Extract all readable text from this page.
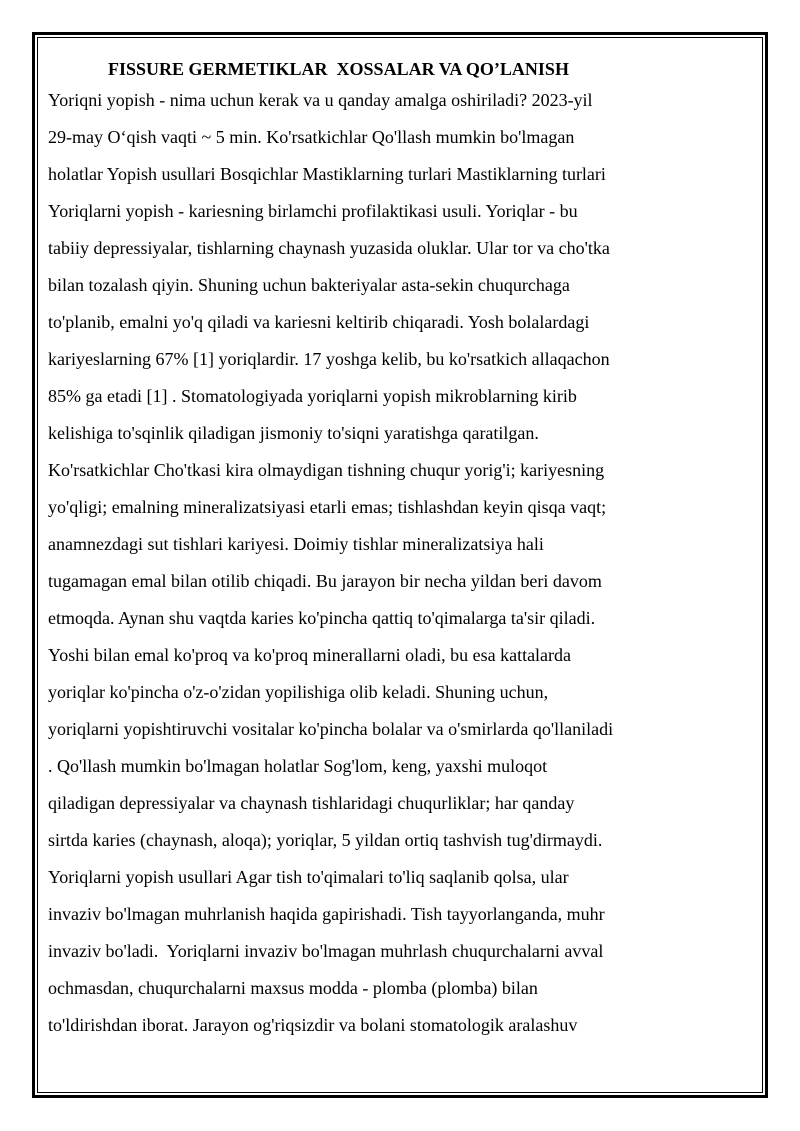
FISSURE GERMETIKLAR  XOSSALAR VA QO’LANISH
Yoriqni yopish - nima uchun kerak va u qanday amalga oshiriladi? 2023-yil
29-may O‘qish vaqti ~ 5 min. Ko'rsatkichlar Qo'llash mumkin bo'lmagan
holatlar Yopish usullari Bosqichlar Mastiklarning turlari Mastiklarning turlari
Yoriqlarni yopish - kariesning birlamchi profilaktikasi usuli. Yoriqlar - bu
tabiiy depressiyalar, tishlarning chaynash yuzasida oluklar. Ular tor va cho'tka
bilan tozalash qiyin. Shuning uchun bakteriyalar asta-sekin chuqurchaga
to'planib, emalni yo'q qiladi va kariesni keltirib chiqaradi. Yosh bolalardagi
kariyeslarning 67% [1] yoriqlardir. 17 yoshga kelib, bu ko'rsatkich allaqachon
85% ga etadi [1] . Stomatologiyada yoriqlarni yopish mikroblarning kirib
kelishiga to'sqinlik qiladigan jismoniy to'siqni yaratishga qaratilgan.
Ko'rsatkichlar Cho'tkasi kira olmaydigan tishning chuqur yorig'i; kariyesning
yo'qligi; emalning mineralizatsiyasi etarli emas; tishlashdan keyin qisqa vaqt;
anamnezdagi sut tishlari kariyesi. Doimiy tishlar mineralizatsiya hali
tugamagan emal bilan otilib chiqadi. Bu jarayon bir necha yildan beri davom
etmoqda. Aynan shu vaqtda karies ko'pincha qattiq to'qimalarga ta'sir qiladi.
Yoshi bilan emal ko'proq va ko'proq minerallarni oladi, bu esa kattalarda
yoriqlar ko'pincha o'z-o'zidan yopilishiga olib keladi. Shuning uchun,
yoriqlarni yopishtiruvchi vositalar ko'pincha bolalar va o'smirlarda qo'llaniladi
. Qo'llash mumkin bo'lmagan holatlar Sog'lom, keng, yaxshi muloqot
qiladigan depressiyalar va chaynash tishlaridagi chuqurliklar; har qanday
sirtda karies (chaynash, aloqa); yoriqlar, 5 yildan ortiq tashvish tug'dirmaydi.
Yoriqlarni yopish usullari Agar tish to'qimalari to'liq saqlanib qolsa, ular
invaziv bo'lmagan muhrlanish haqida gapirishadi. Tish tayyorlanganda, muhr
invaziv bo'ladi.  Yoriqlarni invaziv bo'lmagan muhrlash chuqurchalarni avval
ochmasdan, chuqurchalarni maxsus modda - plomba (plomba) bilan
to'ldirishdan iborat. Jarayon og'riqsizdir va bolani stomatologik aralashuv
